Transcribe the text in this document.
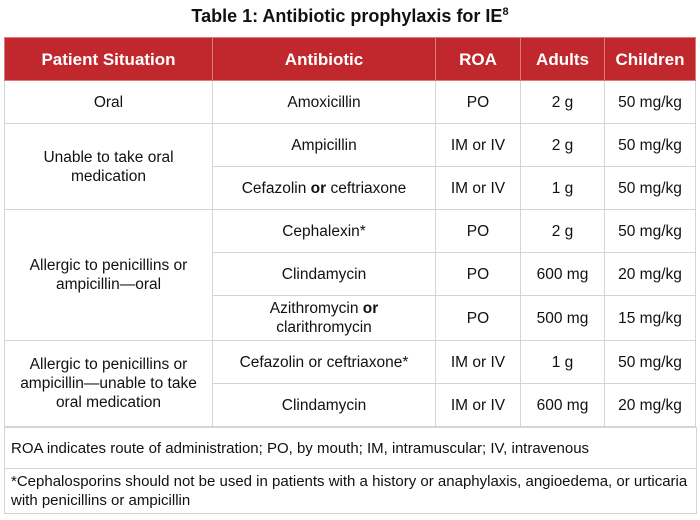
Table 1: Antibiotic prophylaxis for $IE^8$
Patient Situation	Antibiotic	ROA	Adults	Children
Oral	Amoxicillin	PO	2 g	50 mg/kg
Unable to take oral medication	Ampicillin	IM or IV	2 g	50 mg/kg
	Cefazolin or ceftriaxone	IM or IV	1 g	50 mg/kg
Allergic to penicillins or ampicillin—oral	Cephalexin*	PO	2 g	50 mg/kg
	Clindamycin	PO	600 mg	20 mg/kg
	Azithromycin or clarithromycin	PO	500 mg	15 mg/kg
Allergic to penicillins or ampicillin—unable to take oral medication	Cefazolin or ceftriaxone*	IM or IV	1 g	50 mg/kg
	Clindamycin	IM or IV	600 mg	20 mg/kg
ROA indicates route of administration; PO, by mouth; IM, intramuscular; IV, intravenous
*Cephalosporins should not be used in patients with a history or anaphylaxis, angioedema, or urticaria with penicillins or ampicillin
